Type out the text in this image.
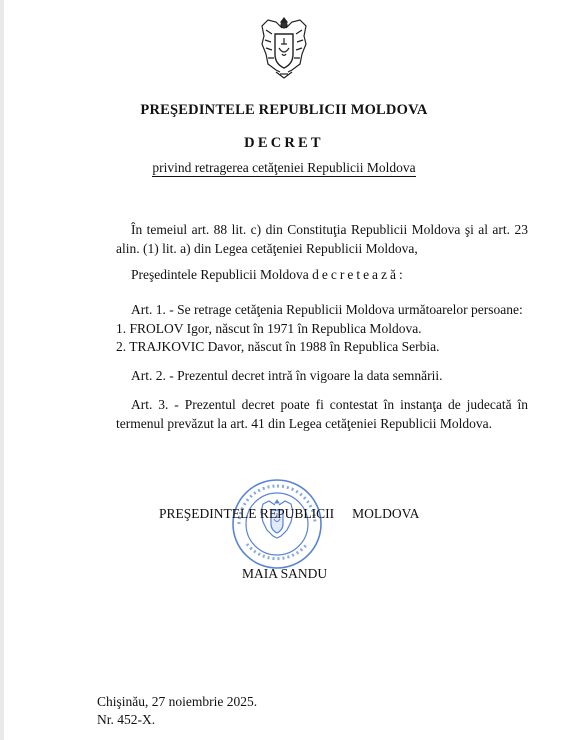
PREŞEDINTELE REPUBLICII MOLDOVA
DECRET
privind retragerea cetăţeniei Republicii Moldova
În temeiul art. 88 lit. c) din Constituţia Republicii Moldova şi al art. 23 alin. (1) lit. a) din Legea cetăţeniei Republicii Moldova,
Preşedintele Republicii Moldova decretează:
Art. 1. - Se retrage cetăţenia Republicii Moldova următoarelor persoane:
1. FROLOV Igor, născut în 1971 în Republica Moldova.
2. TRAJKOVIC Davor, născut în 1988 în Republica Serbia.
Art. 2. - Prezentul decret intră în vigoare la data semnării.
Art. 3. - Prezentul decret poate fi contestat în instanţa de judecată în termenul prevăzut la art. 41 din Legea cetăţeniei Republicii Moldova.
PREŞEDINTELE REPUBLICII MOLDOVA
MAIA SANDU
Chişinău, 27 noiembrie 2025.
Nr. 452-X.
